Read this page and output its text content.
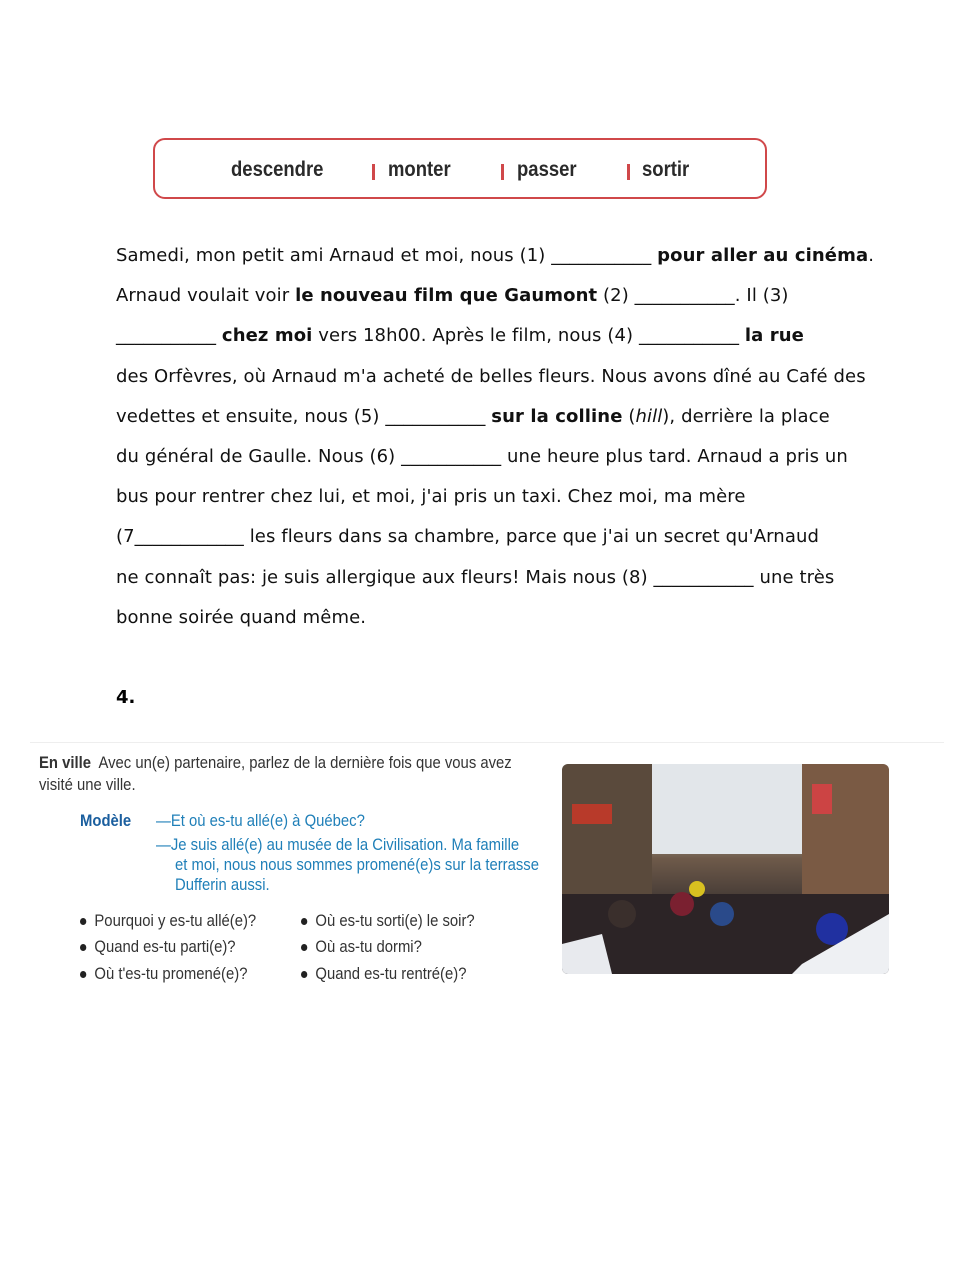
descendre	monter	passer	sortir
Samedi, mon petit ami Arnaud et moi, nous (1) ___________ pour aller au cinéma.
Arnaud voulait voir le nouveau film que Gaumont (2) ___________. Il (3)
___________ chez moi vers 18h00. Après le film, nous (4) ___________ la rue
des Orfèvres, où Arnaud m'a acheté de belles fleurs. Nous avons dîné au Café des
vedettes et ensuite, nous (5) ___________ sur la colline (hill), derrière la place
du général de Gaulle. Nous (6) ___________ une heure plus tard. Arnaud a pris un
bus pour rentrer chez lui, et moi, j'ai pris un taxi. Chez moi, ma mère
(7____________ les fleurs dans sa chambre, parce que j'ai un secret qu'Arnaud
ne connaît pas: je suis allergique aux fleurs! Mais nous (8) ___________ une très
bonne soirée quand même.
4.
En ville Avec un(e) partenaire, parlez de la dernière fois que vous avez
visité une ville.
Modèle —Et où es-tu allé(e) à Québec?
—Je suis allé(e) au musée de la Civilisation. Ma famille
et moi, nous nous sommes promené(e)s sur la terrasse
Dufferin aussi.
Pourquoi y es-tu allé(e)?
Quand es-tu parti(e)?
Où t'es-tu promené(e)?
Où es-tu sorti(e) le soir?
Où as-tu dormi?
Quand es-tu rentré(e)?
